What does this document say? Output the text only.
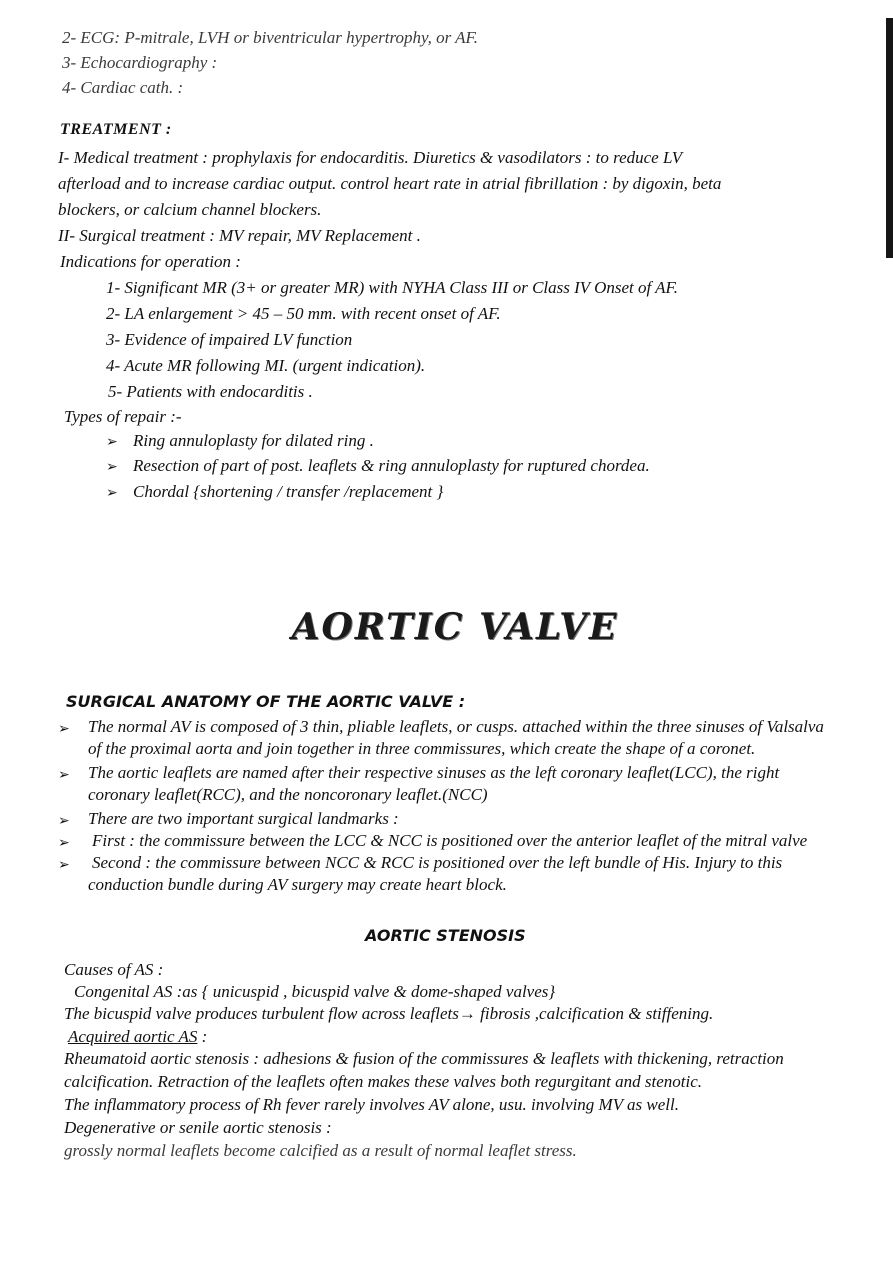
2- ECG: P-mitrale, LVH or biventricular hypertrophy, or AF.
3- Echocardiography :
4- Cardiac cath. :
TREATMENT :
I- Medical treatment : prophylaxis for endocarditis. Diuretics & vasodilators : to reduce LV
afterload and to increase cardiac output. control heart rate in atrial fibrillation : by digoxin, beta
blockers, or calcium channel blockers.
II- Surgical treatment : MV repair, MV Replacement .
Indications for operation :
1- Significant MR (3+ or greater MR) with NYHA Class III or Class IV Onset of AF.
2- LA enlargement > 45 – 50 mm. with recent onset of AF.
3- Evidence of impaired LV function
4- Acute MR following MI. (urgent indication).
5- Patients with endocarditis .
Types of repair :-
➢ Ring annuloplasty for dilated ring .
➢ Resection of part of post. leaflets & ring annuloplasty for ruptured chordea.
➢ Chordal {shortening / transfer /replacement }
AORTIC VALVE
SURGICAL ANATOMY OF THE AORTIC VALVE :
➢ The normal AV is composed of 3 thin, pliable leaflets, or cusps. attached within the three sinuses of Valsalva
of the proximal aorta and join together in three commissures, which create the shape of a coronet.
➢ The aortic leaflets are named after their respective sinuses as the left coronary leaflet(LCC), the right
coronary leaflet(RCC), and the noncoronary leaflet.(NCC)
➢ There are two important surgical landmarks :
➢ First : the commissure between the LCC & NCC is positioned over the anterior leaflet of the mitral valve
➢ Second : the commissure between NCC & RCC is positioned over the left bundle of His. Injury to this
conduction bundle during AV surgery may create heart block.
AORTIC STENOSIS
Causes of AS :
Congenital AS :as { unicuspid , bicuspid valve & dome-shaped valves}
The bicuspid valve produces turbulent flow across leaflets→ fibrosis ,calcification & stiffening.
Acquired aortic AS :
Rheumatoid aortic stenosis : adhesions & fusion of the commissures & leaflets with thickening, retraction
calcification. Retraction of the leaflets often makes these valves both regurgitant and stenotic.
The inflammatory process of Rh fever rarely involves AV alone, usu. involving MV as well.
Degenerative or senile aortic stenosis :
grossly normal leaflets become calcified as a result of normal leaflet stress.
